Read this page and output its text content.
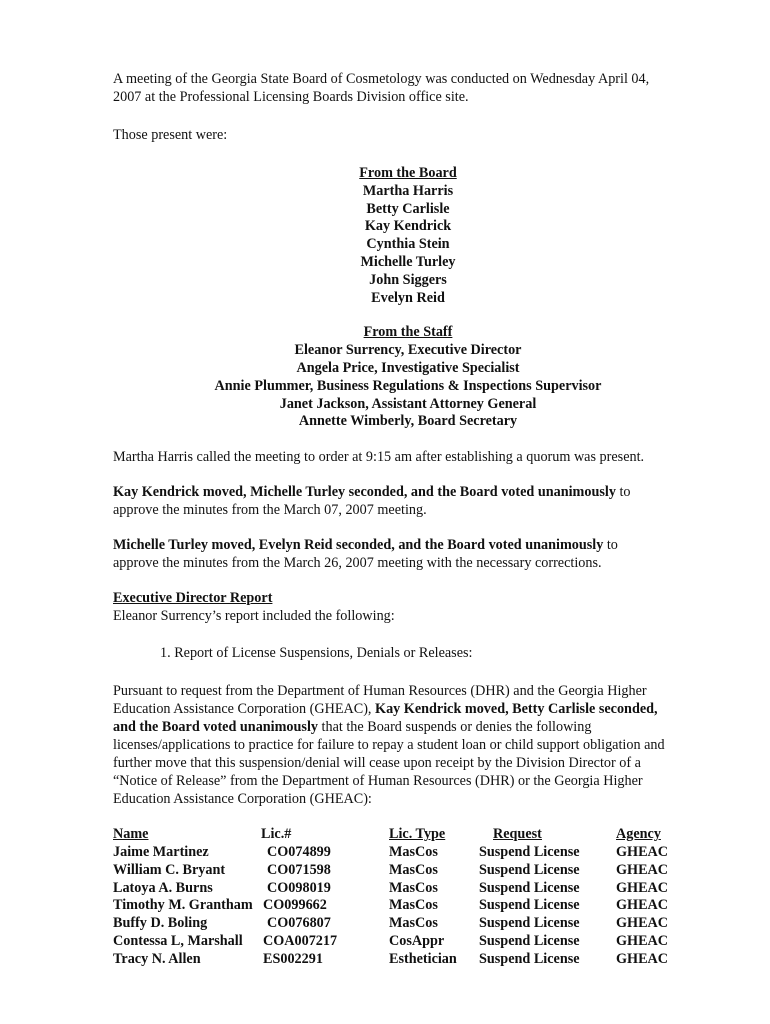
A meeting of the Georgia State Board of Cosmetology was conducted on Wednesday April 04,
2007 at the Professional Licensing Boards Division office site.

Those present were:

From the Board
Martha Harris
Betty Carlisle
Kay Kendrick
Cynthia Stein
Michelle Turley
John Siggers
Evelyn Reid
From the Staff
Eleanor Surrency, Executive Director
Angela Price, Investigative Specialist
Annie Plummer, Business Regulations & Inspections Supervisor
Janet Jackson, Assistant Attorney General
Annette Wimberly, Board Secretary

Martha Harris called the meeting to order at 9:15 am after establishing a quorum was present.

Kay Kendrick moved, Michelle Turley seconded, and the Board voted unanimously to
approve the minutes from the March 07, 2007 meeting.

Michelle Turley moved, Evelyn Reid seconded, and the Board voted unanimously to
approve the minutes from the March 26, 2007 meeting with the necessary corrections.

Executive Director Report
Eleanor Surrency’s report included the following:

1. Report of License Suspensions, Denials or Releases:

Pursuant to request from the Department of Human Resources (DHR) and the Georgia Higher
Education Assistance Corporation (GHEAC), Kay Kendrick moved, Betty Carlisle seconded,
and the Board voted unanimously that the Board suspends or denies the following
licenses/applications to practice for failure to repay a student loan or child support obligation and
further move that this suspension/denial will cease upon receipt by the Division Director of a
“Notice of Release” from the Department of Human Resources (DHR) or the Georgia Higher
Education Assistance Corporation (GHEAC):

Name	Lic.#	Lic. Type	Request	Agency
Jaime Martinez	CO074899	MasCos	Suspend License	GHEAC
William C. Bryant	CO071598	MasCos	Suspend License	GHEAC
Latoya A. Burns	CO098019	MasCos	Suspend License	GHEAC
Timothy M. Grantham	CO099662	MasCos	Suspend License	GHEAC
Buffy D. Boling	CO076807	MasCos	Suspend License	GHEAC
Contessa L, Marshall	COA007217	CosAppr	Suspend License	GHEAC
Tracy N. Allen	ES002291	Esthetician	Suspend License	GHEAC
